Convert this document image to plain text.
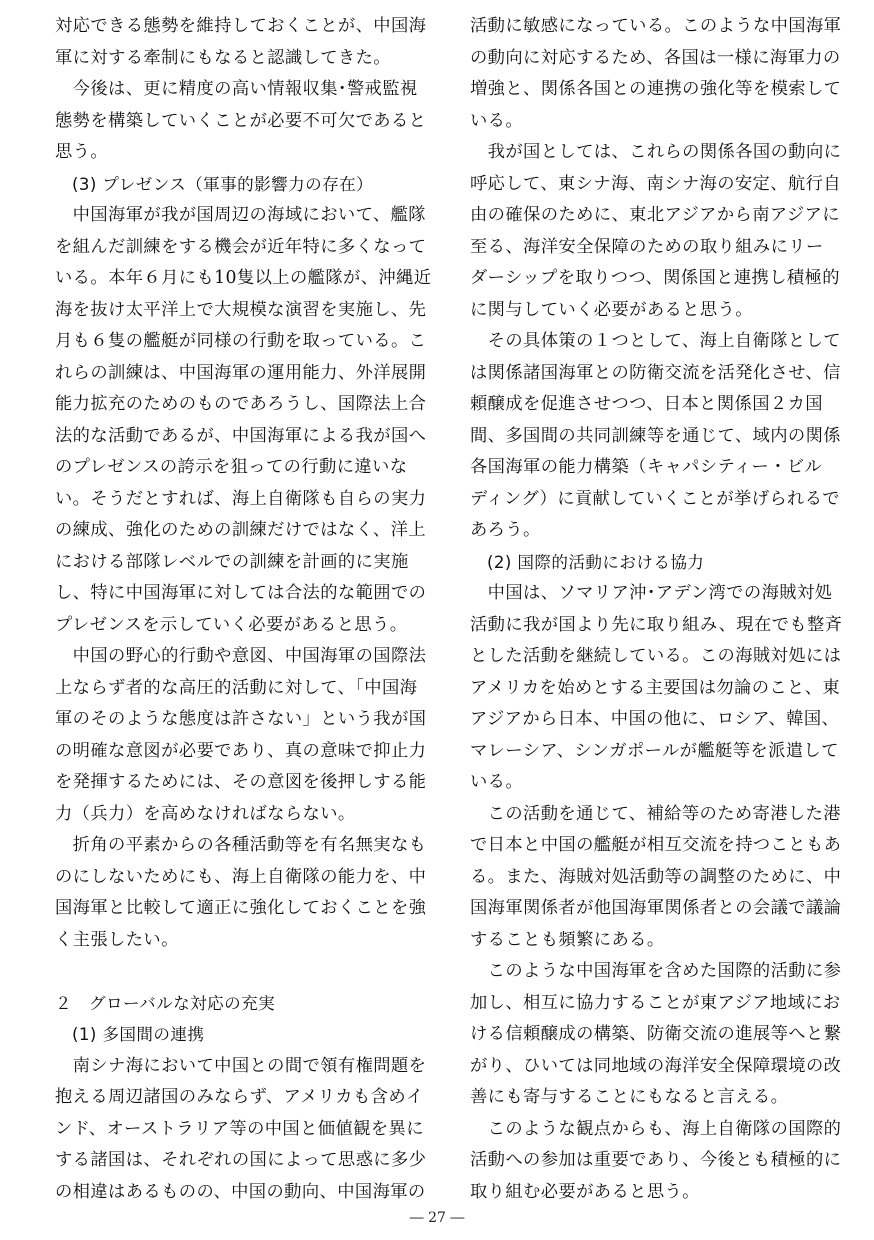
対応できる態勢を維持しておくことが、中国海
軍に対する牽制にもなると認識してきた。
　今後は、更に精度の高い情報収集･警戒監視
態勢を構築していくことが必要不可欠であると
思う。
　(3) プレゼンス（軍事的影響力の存在）
　中国海軍が我が国周辺の海域において、艦隊
を組んだ訓練をする機会が近年特に多くなって
いる。本年６月にも10隻以上の艦隊が、沖縄近
海を抜け太平洋上で大規模な演習を実施し、先
月も６隻の艦艇が同様の行動を取っている。こ
れらの訓練は、中国海軍の運用能力、外洋展開
能力拡充のためのものであろうし、国際法上合
法的な活動であるが、中国海軍による我が国へ
のプレゼンスの誇示を狙っての行動に違いな
い。そうだとすれば、海上自衛隊も自らの実力
の練成、強化のための訓練だけではなく、洋上
における部隊レベルでの訓練を計画的に実施
し、特に中国海軍に対しては合法的な範囲での
プレゼンスを示していく必要があると思う。
　中国の野心的行動や意図、中国海軍の国際法
上ならず者的な高圧的活動に対して、「中国海
軍のそのような態度は許さない」という我が国
の明確な意図が必要であり、真の意味で抑止力
を発揮するためには、その意図を後押しする能
力（兵力）を高めなければならない。
　折角の平素からの各種活動等を有名無実なも
のにしないためにも、海上自衛隊の能力を、中
国海軍と比較して適正に強化しておくことを強
く主張したい。
２　グローバルな対応の充実
　(1) 多国間の連携
　南シナ海において中国との間で領有権問題を
抱える周辺諸国のみならず、アメリカも含めイ
ンド、オーストラリア等の中国と価値観を異に
する諸国は、それぞれの国によって思惑に多少
の相違はあるものの、中国の動向、中国海軍の
活動に敏感になっている。このような中国海軍
の動向に対応するため、各国は一様に海軍力の
増強と、関係各国との連携の強化等を模索して
いる。
　我が国としては、これらの関係各国の動向に
呼応して、東シナ海、南シナ海の安定、航行自
由の確保のために、東北アジアから南アジアに
至る、海洋安全保障のための取り組みにリー
ダーシップを取りつつ、関係国と連携し積極的
に関与していく必要があると思う。
　その具体策の１つとして、海上自衛隊として
は関係諸国海軍との防衛交流を活発化させ、信
頼醸成を促進させつつ、日本と関係国２カ国
間、多国間の共同訓練等を通じて、域内の関係
各国海軍の能力構築（キャパシティー・ビル
ディング）に貢献していくことが挙げられるで
あろう。
　(2) 国際的活動における協力
　中国は、ソマリア沖･アデン湾での海賊対処
活動に我が国より先に取り組み、現在でも整斉
とした活動を継続している。この海賊対処には
アメリカを始めとする主要国は勿論のこと、東
アジアから日本、中国の他に、ロシア、韓国、
マレーシア、シンガポールが艦艇等を派遣して
いる。
　この活動を通じて、補給等のため寄港した港
で日本と中国の艦艇が相互交流を持つこともあ
る。また、海賊対処活動等の調整のために、中
国海軍関係者が他国海軍関係者との会議で議論
することも頻繁にある。
　このような中国海軍を含めた国際的活動に参
加し、相互に協力することが東アジア地域にお
ける信頼醸成の構築、防衛交流の進展等へと繋
がり、ひいては同地域の海洋安全保障環境の改
善にも寄与することにもなると言える。
　このような観点からも、海上自衛隊の国際的
活動への参加は重要であり、今後とも積極的に
取り組む必要があると思う。
― 27 ―
